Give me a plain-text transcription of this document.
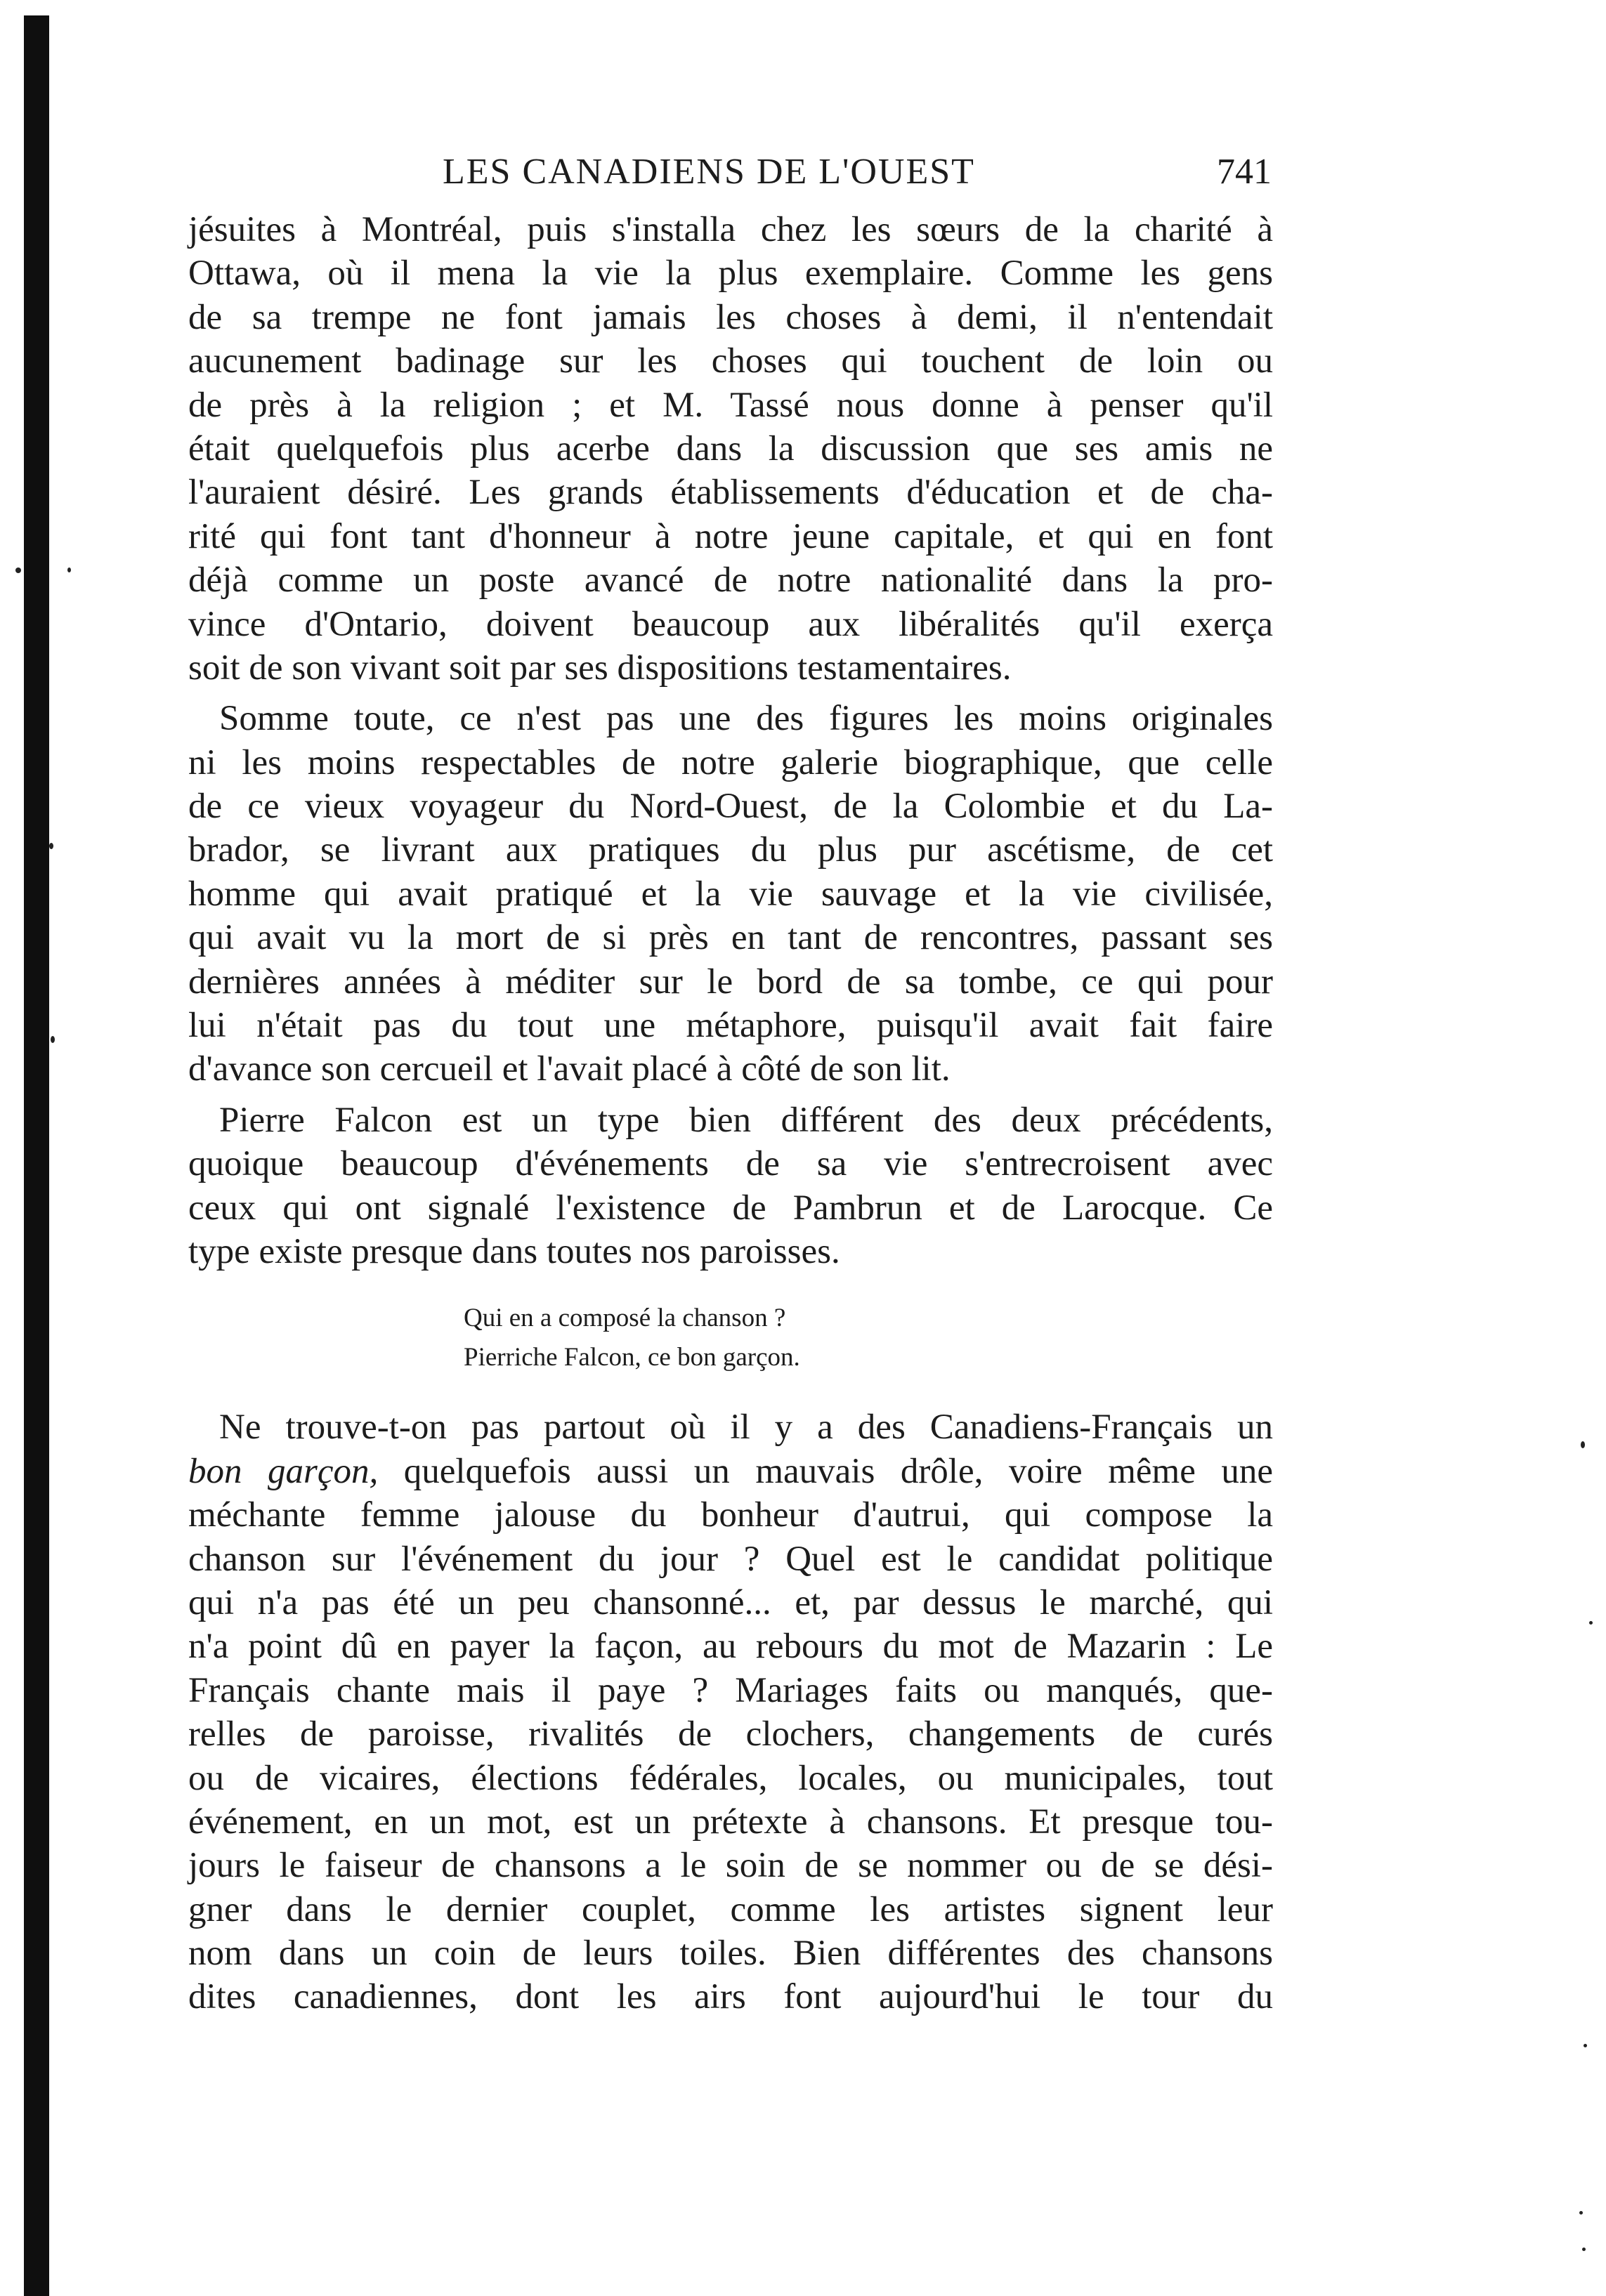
LES CANADIENS DE L'OUEST	741
jésuites à Montréal, puis s'installa chez les sœurs de la charité à
Ottawa, où il mena la vie la plus exemplaire. Comme les gens
de sa trempe ne font jamais les choses à demi, il n'entendait
aucunement badinage sur les choses qui touchent de loin ou
de près à la religion ; et M. Tassé nous donne à penser qu'il
était quelquefois plus acerbe dans la discussion que ses amis ne
l'auraient désiré. Les grands établissements d'éducation et de cha-
rité qui font tant d'honneur à notre jeune capitale, et qui en font
déjà comme un poste avancé de notre nationalité dans la pro-
vince d'Ontario, doivent beaucoup aux libéralités qu'il exerça
soit de son vivant soit par ses dispositions testamentaires.
Somme toute, ce n'est pas une des figures les moins originales
ni les moins respectables de notre galerie biographique, que celle
de ce vieux voyageur du Nord-Ouest, de la Colombie et du La-
brador, se livrant aux pratiques du plus pur ascétisme, de cet
homme qui avait pratiqué et la vie sauvage et la vie civilisée,
qui avait vu la mort de si près en tant de rencontres, passant ses
dernières années à méditer sur le bord de sa tombe, ce qui pour
lui n'était pas du tout une métaphore, puisqu'il avait fait faire
d'avance son cercueil et l'avait placé à côté de son lit.
Pierre Falcon est un type bien différent des deux précédents,
quoique beaucoup d'événements de sa vie s'entrecroisent avec
ceux qui ont signalé l'existence de Pambrun et de Larocque. Ce
type existe presque dans toutes nos paroisses.
Qui en a composé la chanson ?
Pierriche Falcon, ce bon garçon.
Ne trouve-t-on pas partout où il y a des Canadiens-Français un
bon garçon, quelquefois aussi un mauvais drôle, voire même une
méchante femme jalouse du bonheur d'autrui, qui compose la
chanson sur l'événement du jour ? Quel est le candidat politique
qui n'a pas été un peu chansonné... et, par dessus le marché, qui
n'a point dû en payer la façon, au rebours du mot de Mazarin : Le
Français chante mais il paye ? Mariages faits ou manqués, que-
relles de paroisse, rivalités de clochers, changements de curés
ou de vicaires, élections fédérales, locales, ou municipales, tout
événement, en un mot, est un prétexte à chansons. Et presque tou-
jours le faiseur de chansons a le soin de se nommer ou de se dési-
gner dans le dernier couplet, comme les artistes signent leur
nom dans un coin de leurs toiles. Bien différentes des chansons
dites canadiennes, dont les airs font aujourd'hui le tour du
